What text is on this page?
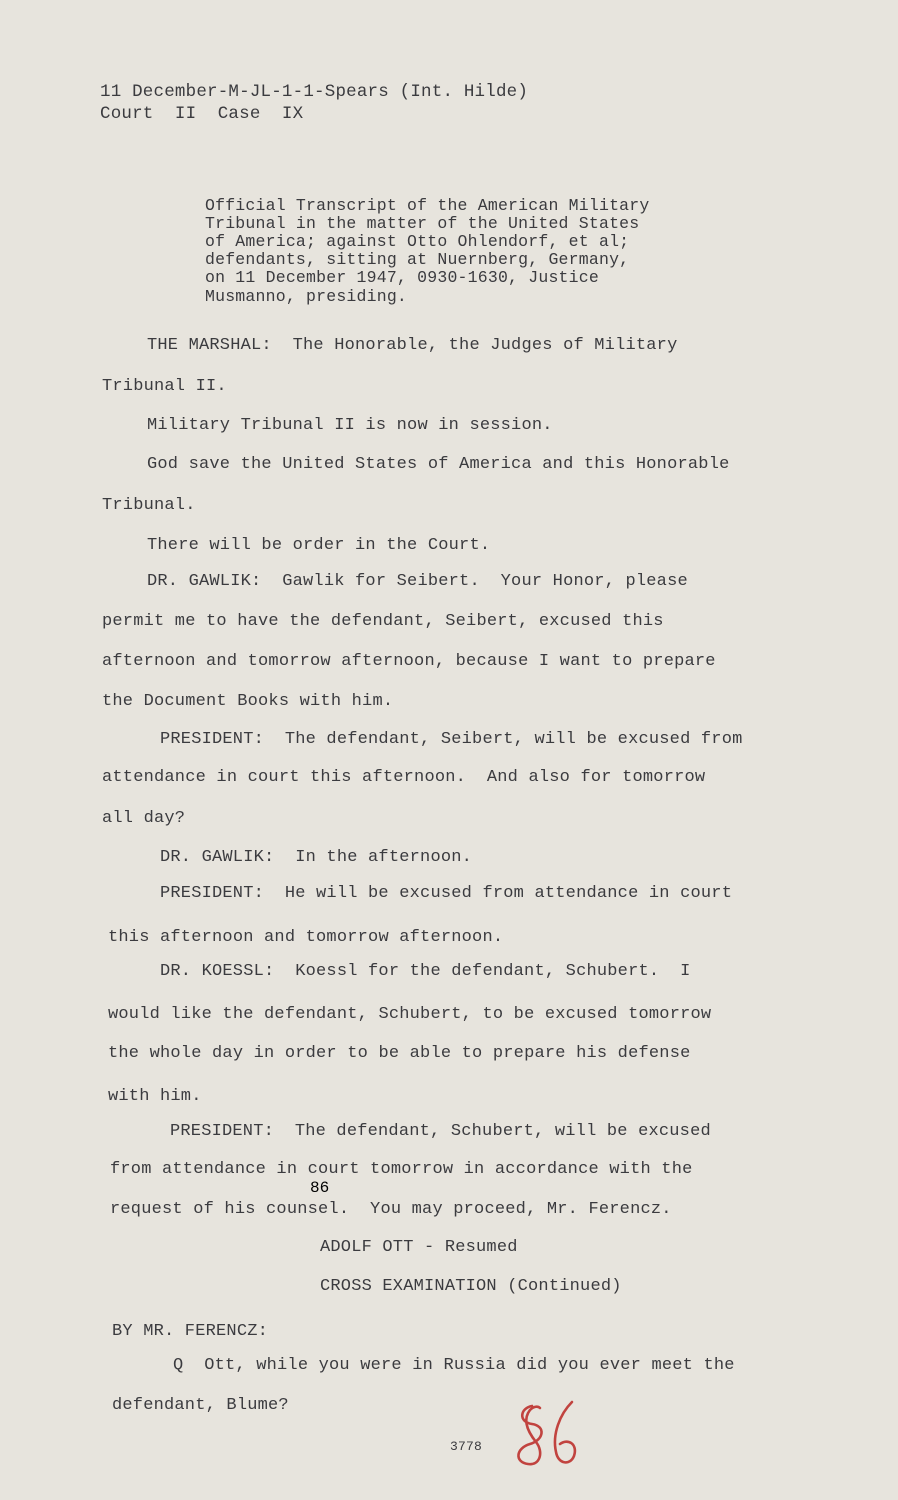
11 December-M-JL-1-1-Spears (Int. Hilde)
Court  II  Case  IX
Official Transcript of the American Military
Tribunal in the matter of the United States
of America; against Otto Ohlendorf, et al;
defendants, sitting at Nuernberg, Germany,
on 11 December 1947, 0930-1630, Justice
Musmanno, presiding.
THE MARSHAL:  The Honorable, the Judges of Military
Tribunal II.
Military Tribunal II is now in session.
God save the United States of America and this Honorable
Tribunal.
There will be order in the Court.
DR. GAWLIK:  Gawlik for Seibert.  Your Honor, please
permit me to have the defendant, Seibert, excused this
afternoon and tomorrow afternoon, because I want to prepare
the Document Books with him.
PRESIDENT:  The defendant, Seibert, will be excused from
attendance in court this afternoon.  And also for tomorrow
all day?
DR. GAWLIK:  In the afternoon.
PRESIDENT:  He will be excused from attendance in court
this afternoon and tomorrow afternoon.
DR. KOESSL:  Koessl for the defendant, Schubert.  I
would like the defendant, Schubert, to be excused tomorrow
the whole day in order to be able to prepare his defense
with him.
PRESIDENT:  The defendant, Schubert, will be excused
from attendance in court tomorrow in accordance with the
request of his counsel.  You may proceed, Mr. Ferencz.
ADOLF OTT - Resumed
CROSS EXAMINATION (Continued)
BY MR. FERENCZ:
Q  Ott, while you were in Russia did you ever meet the
defendant, Blume?
3778
86
